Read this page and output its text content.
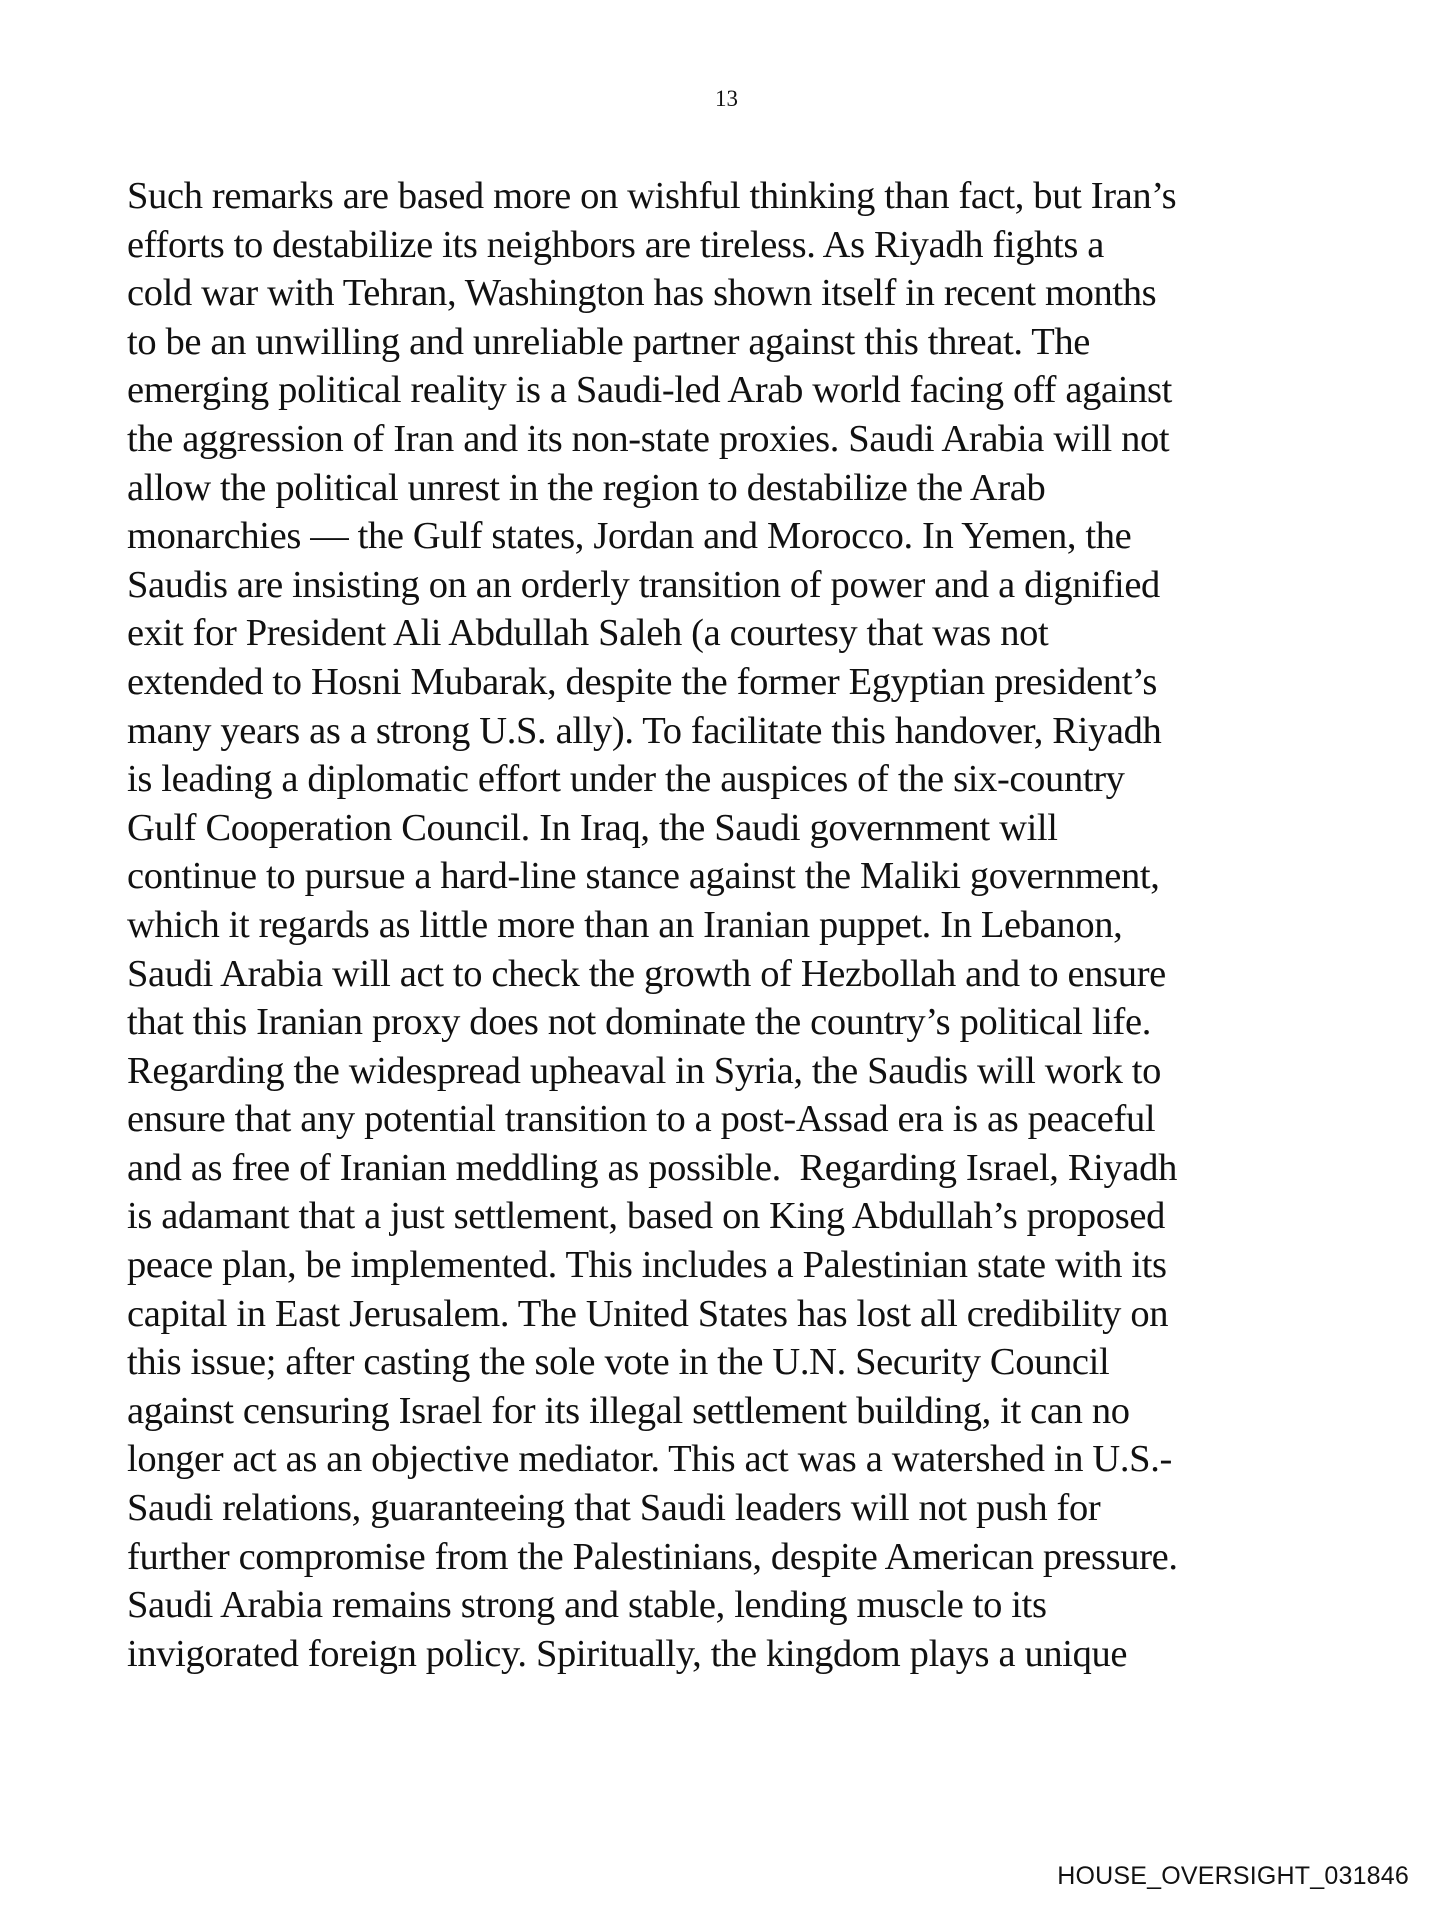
13
Such remarks are based more on wishful thinking than fact, but Iran’s
efforts to destabilize its neighbors are tireless. As Riyadh fights a
cold war with Tehran, Washington has shown itself in recent months
to be an unwilling and unreliable partner against this threat. The
emerging political reality is a Saudi-led Arab world facing off against
the aggression of Iran and its non-state proxies. Saudi Arabia will not
allow the political unrest in the region to destabilize the Arab
monarchies — the Gulf states, Jordan and Morocco. In Yemen, the
Saudis are insisting on an orderly transition of power and a dignified
exit for President Ali Abdullah Saleh (a courtesy that was not
extended to Hosni Mubarak, despite the former Egyptian president’s
many years as a strong U.S. ally). To facilitate this handover, Riyadh
is leading a diplomatic effort under the auspices of the six-country
Gulf Cooperation Council. In Iraq, the Saudi government will
continue to pursue a hard-line stance against the Maliki government,
which it regards as little more than an Iranian puppet. In Lebanon,
Saudi Arabia will act to check the growth of Hezbollah and to ensure
that this Iranian proxy does not dominate the country’s political life.
Regarding the widespread upheaval in Syria, the Saudis will work to
ensure that any potential transition to a post-Assad era is as peaceful
and as free of Iranian meddling as possible.  Regarding Israel, Riyadh
is adamant that a just settlement, based on King Abdullah’s proposed
peace plan, be implemented. This includes a Palestinian state with its
capital in East Jerusalem. The United States has lost all credibility on
this issue; after casting the sole vote in the U.N. Security Council
against censuring Israel for its illegal settlement building, it can no
longer act as an objective mediator. This act was a watershed in U.S.-
Saudi relations, guaranteeing that Saudi leaders will not push for
further compromise from the Palestinians, despite American pressure.
Saudi Arabia remains strong and stable, lending muscle to its
invigorated foreign policy. Spiritually, the kingdom plays a unique
HOUSE_OVERSIGHT_031846
